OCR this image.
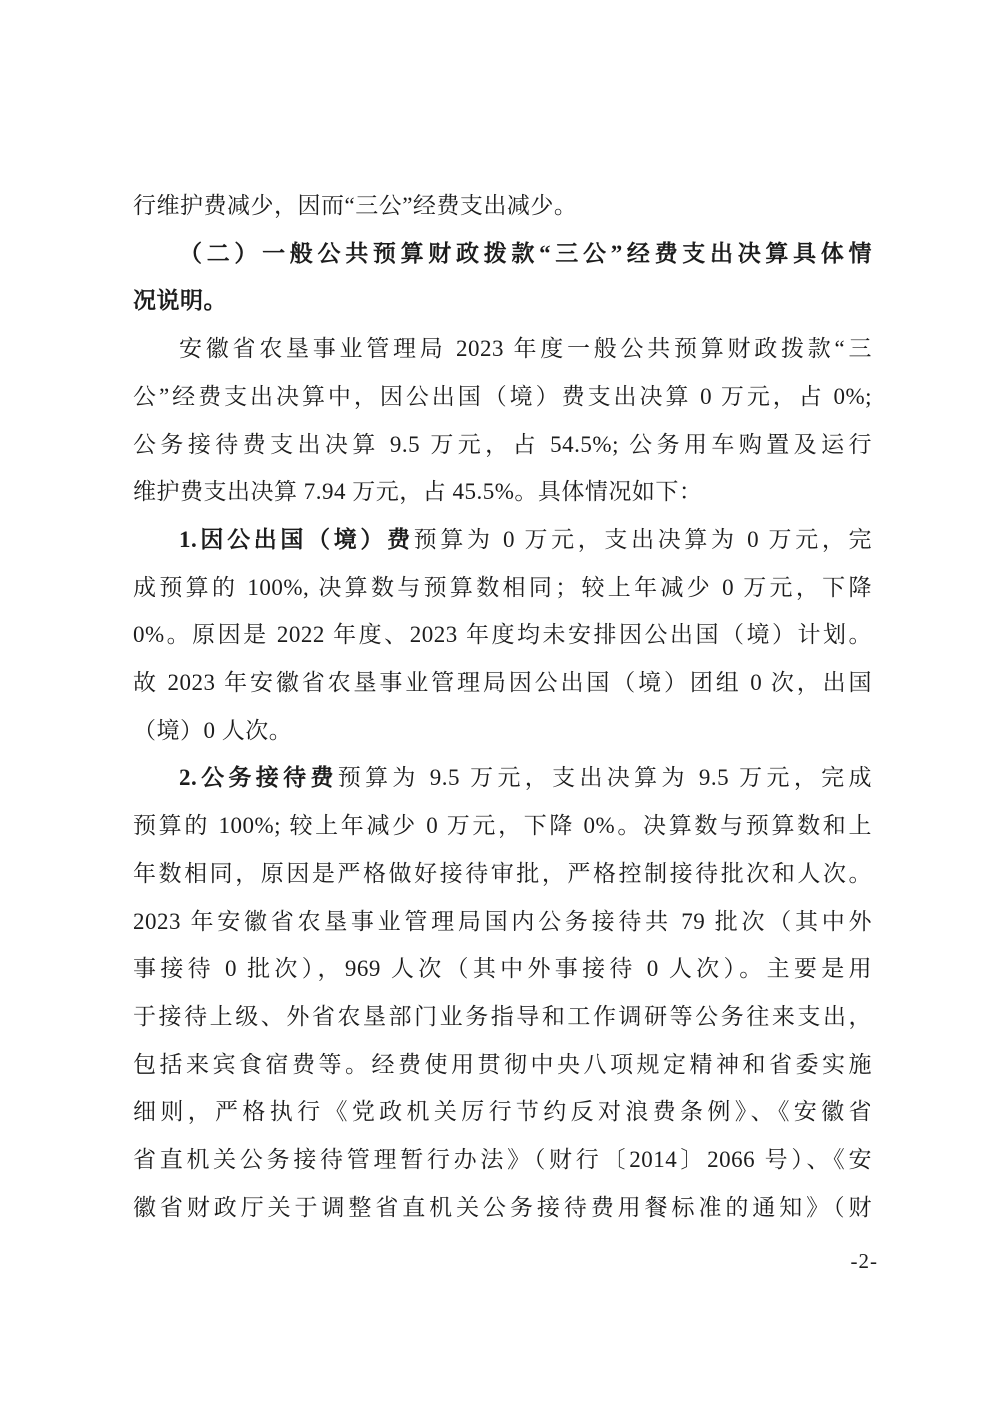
行维护费减少，因而“三公”经费支出减少。
（二）一般公共预算财政拨款“三公”经费支出决算具体情
况说明。
安徽省农垦事业管理局 2023 年度一般公共预算财政拨款“三
公”经费支出决算中，因公出国（境）费支出决算 0 万元，占 0%;
公务接待费支出决算 9.5 万元，占 54.5%; 公务用车购置及运行
维护费支出决算 7.94 万元，占 45.5%。具体情况如下：
1.因公出国（境）费预算为 0 万元，支出决算为 0 万元，完
成预算的 100%, 决算数与预算数相同；较上年减少 0 万元，下降
0%。原因是 2022 年度、2023 年度均未安排因公出国（境）计划。
故 2023 年安徽省农垦事业管理局因公出国（境）团组 0 次，出国
（境）0 人次。
2.公务接待费预算为 9.5 万元，支出决算为 9.5 万元，完成
预算的 100%; 较上年减少 0 万元，下降 0%。决算数与预算数和上
年数相同，原因是严格做好接待审批，严格控制接待批次和人次。
2023 年安徽省农垦事业管理局国内公务接待共 79 批次（其中外
事接待 0 批次），969 人次（其中外事接待 0 人次）。主要是用
于接待上级、外省农垦部门业务指导和工作调研等公务往来支出，
包括来宾食宿费等。经费使用贯彻中央八项规定精神和省委实施
细则，严格执行《党政机关厉行节约反对浪费条例》、《安徽省
省直机关公务接待管理暂行办法》（财行〔2014〕2066 号）、《安
徽省财政厅关于调整省直机关公务接待费用餐标准的通知》（财
-2-
